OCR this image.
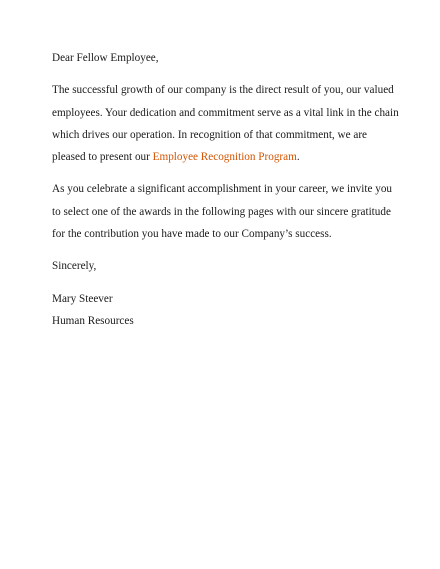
Dear Fellow Employee,

The successful growth of our company is the direct result of you, our valued employees. Your dedication and commitment serve as a vital link in the chain which drives our operation. In recognition of that commitment, we are pleased to present our Employee Recognition Program.

As you celebrate a significant accomplishment in your career, we invite you to select one of the awards in the following pages with our sincere gratitude for the contribution you have made to our Company’s success.

Sincerely,

Mary Steever
Human Resources
